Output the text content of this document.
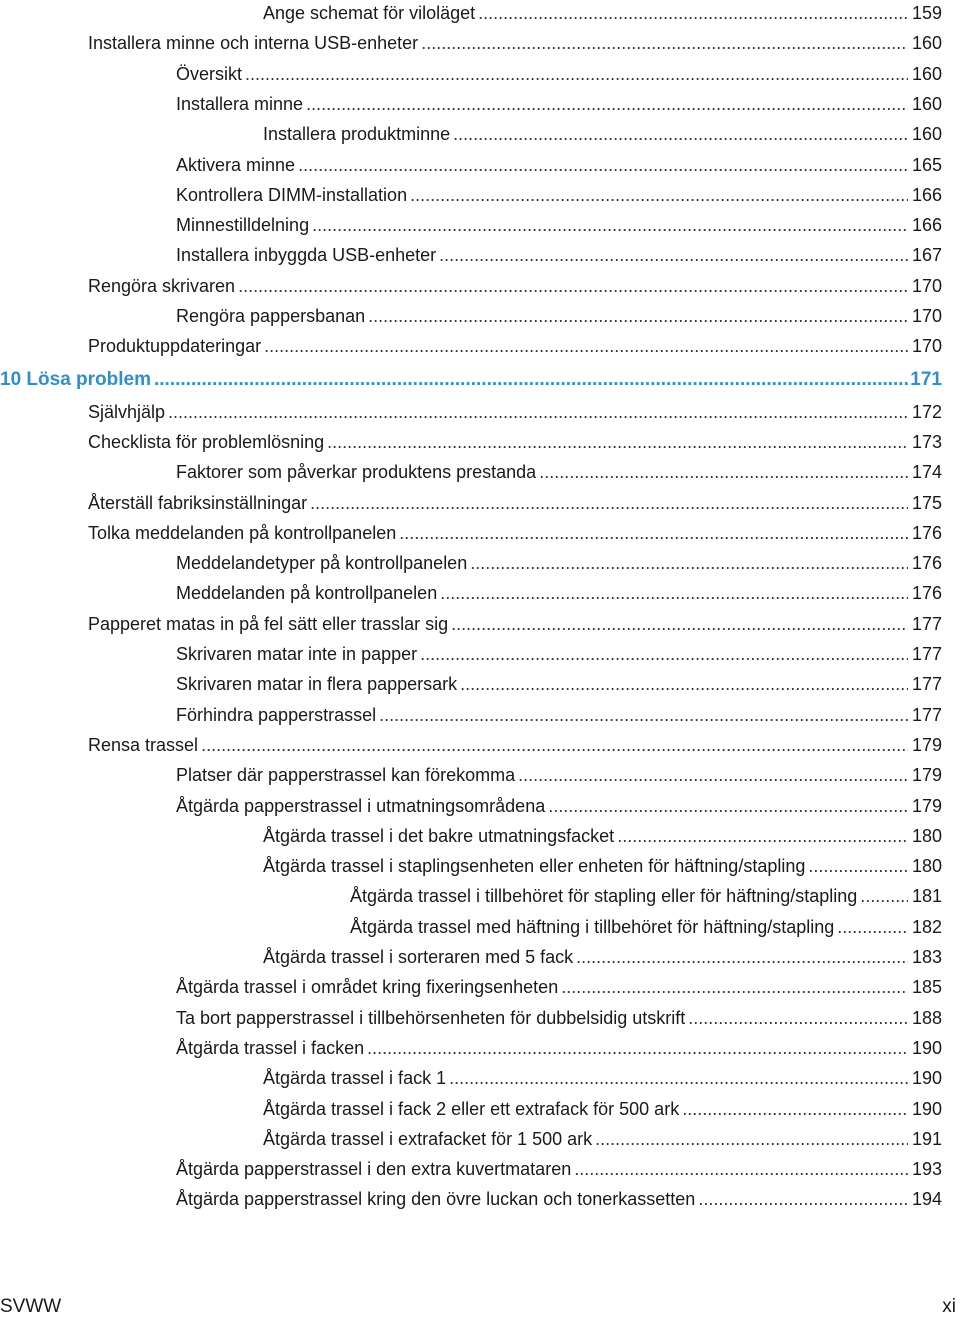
Ange schemat för viloläget .....	159
Installera minne och interna USB-enheter .....	160
Översikt .....	160
Installera minne .....	160
Installera produktminne .....	160
Aktivera minne .....	165
Kontrollera DIMM-installation .....	166
Minnestilldelning .....	166
Installera inbyggda USB-enheter .....	167
Rengöra skrivaren .....	170
Rengöra pappersbanan .....	170
Produktuppdateringar .....	170
10 Lösa problem .....	171
Självhjälp .....	172
Checklista för problemlösning .....	173
Faktorer som påverkar produktens prestanda .....	174
Återställ fabriksinställningar .....	175
Tolka meddelanden på kontrollpanelen .....	176
Meddelandetyper på kontrollpanelen .....	176
Meddelanden på kontrollpanelen .....	176
Papperet matas in på fel sätt eller trasslar sig .....	177
Skrivaren matar inte in papper .....	177
Skrivaren matar in flera pappersark .....	177
Förhindra papperstrassel .....	177
Rensa trassel .....	179
Platser där papperstrassel kan förekomma .....	179
Åtgärda papperstrassel i utmatningsområdena .....	179
Åtgärda trassel i det bakre utmatningsfacket .....	180
Åtgärda trassel i staplingsenheten eller enheten för häftning/stapling .....	180
Åtgärda trassel i tillbehöret för stapling eller för häftning/stapling .....	181
Åtgärda trassel med häftning i tillbehöret för häftning/stapling .....	182
Åtgärda trassel i sorteraren med 5 fack .....	183
Åtgärda trassel i området kring fixeringsenheten .....	185
Ta bort papperstrassel i tillbehörsenheten för dubbelsidig utskrift .....	188
Åtgärda trassel i facken .....	190
Åtgärda trassel i fack 1 .....	190
Åtgärda trassel i fack 2 eller ett extrafack för 500 ark .....	190
Åtgärda trassel i extrafacket för 1 500 ark .....	191
Åtgärda papperstrassel i den extra kuvertmataren .....	193
Åtgärda papperstrassel kring den övre luckan och tonerkassetten .....	194
SVWW	xi
